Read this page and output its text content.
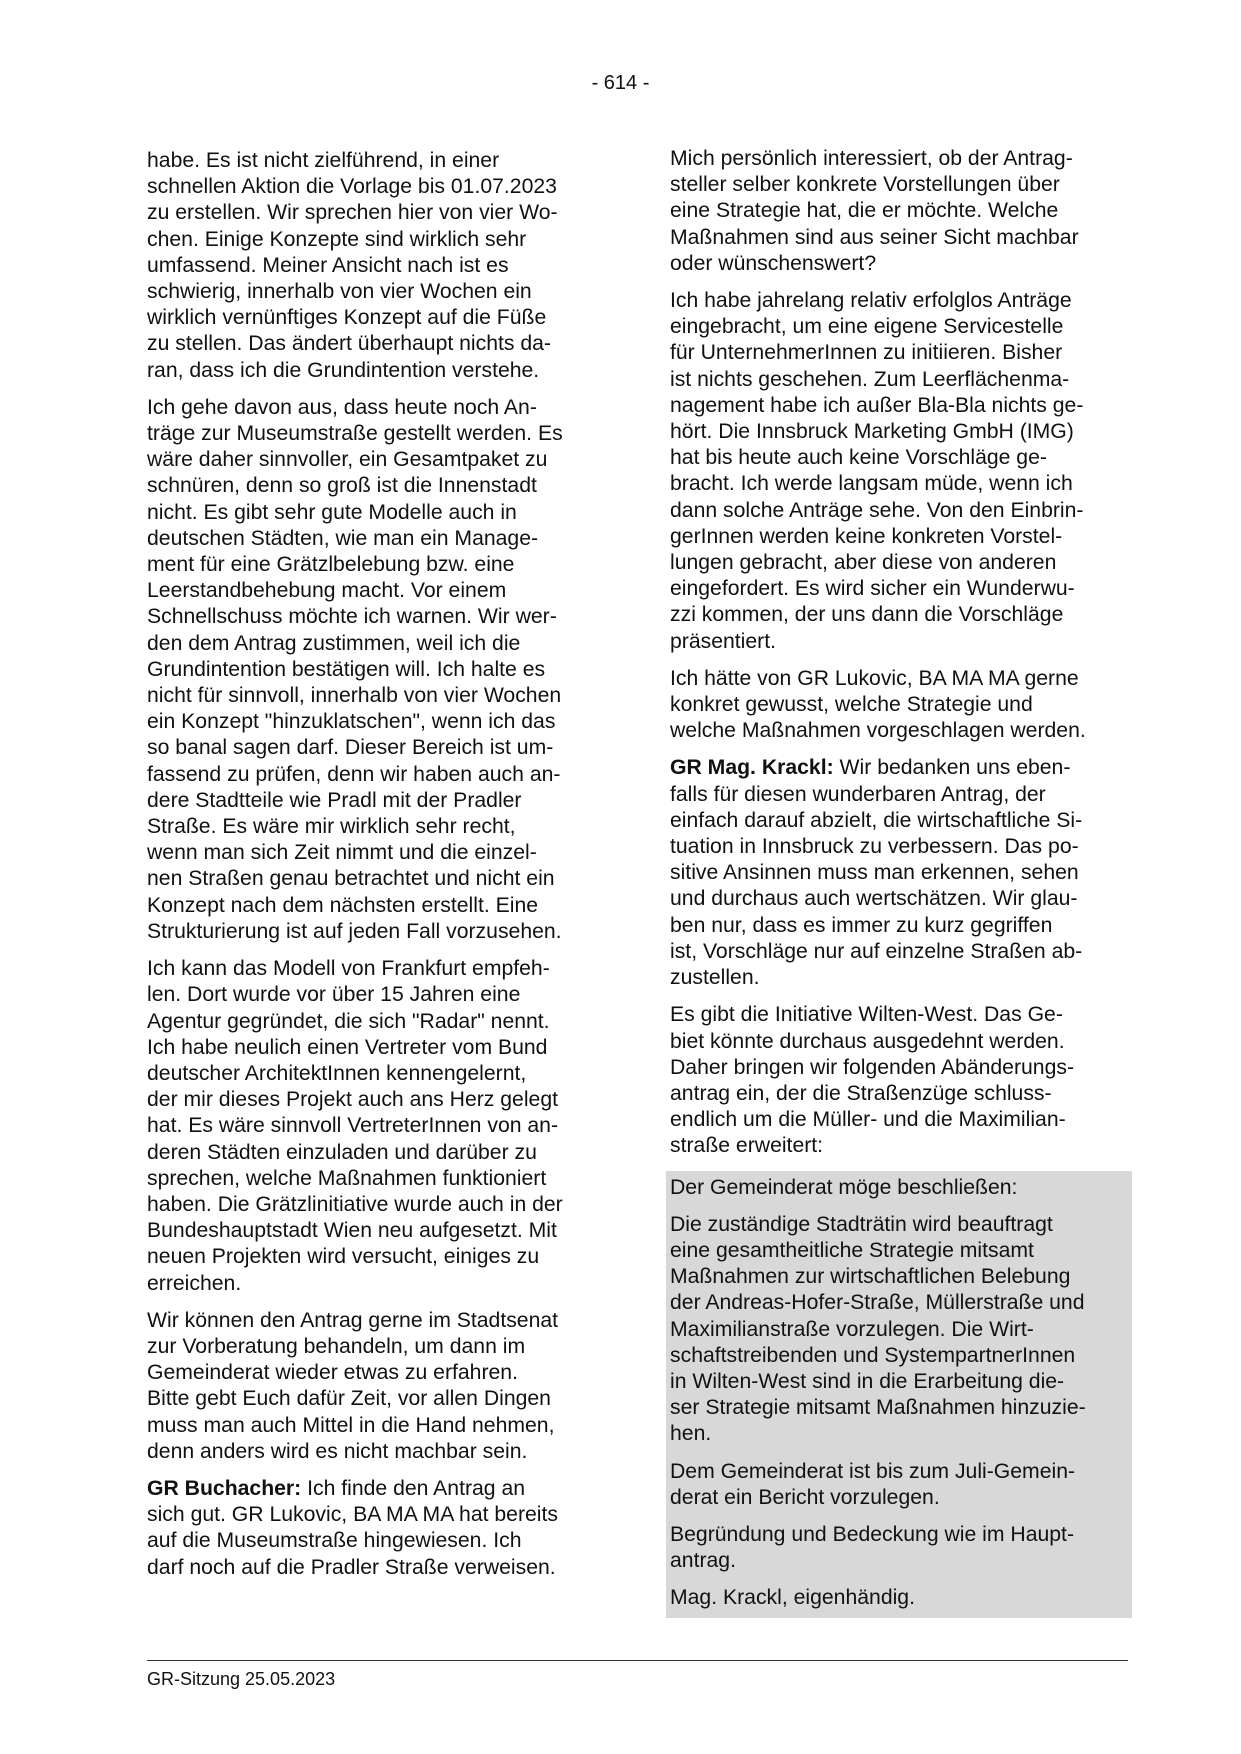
- 614 -
habe. Es ist nicht zielführend, in einer
schnellen Aktion die Vorlage bis 01.07.2023
zu erstellen. Wir sprechen hier von vier Wo-
chen. Einige Konzepte sind wirklich sehr
umfassend. Meiner Ansicht nach ist es
schwierig, innerhalb von vier Wochen ein
wirklich vernünftiges Konzept auf die Füße
zu stellen. Das ändert überhaupt nichts da-
ran, dass ich die Grundintention verstehe.
Ich gehe davon aus, dass heute noch An-
träge zur Museumstraße gestellt werden. Es
wäre daher sinnvoller, ein Gesamtpaket zu
schnüren, denn so groß ist die Innenstadt
nicht. Es gibt sehr gute Modelle auch in
deutschen Städten, wie man ein Manage-
ment für eine Grätzlbelebung bzw. eine
Leerstandbehebung macht. Vor einem
Schnellschuss möchte ich warnen. Wir wer-
den dem Antrag zustimmen, weil ich die
Grundintention bestätigen will. Ich halte es
nicht für sinnvoll, innerhalb von vier Wochen
ein Konzept "hinzuklatschen", wenn ich das
so banal sagen darf. Dieser Bereich ist um-
fassend zu prüfen, denn wir haben auch an-
dere Stadtteile wie Pradl mit der Pradler
Straße. Es wäre mir wirklich sehr recht,
wenn man sich Zeit nimmt und die einzel-
nen Straßen genau betrachtet und nicht ein
Konzept nach dem nächsten erstellt. Eine
Strukturierung ist auf jeden Fall vorzusehen.
Ich kann das Modell von Frankfurt empfeh-
len. Dort wurde vor über 15 Jahren eine
Agentur gegründet, die sich "Radar" nennt.
Ich habe neulich einen Vertreter vom Bund
deutscher ArchitektInnen kennengelernt,
der mir dieses Projekt auch ans Herz gelegt
hat. Es wäre sinnvoll VertreterInnen von an-
deren Städten einzuladen und darüber zu
sprechen, welche Maßnahmen funktioniert
haben. Die Grätzlinitiative wurde auch in der
Bundeshauptstadt Wien neu aufgesetzt. Mit
neuen Projekten wird versucht, einiges zu
erreichen.
Wir können den Antrag gerne im Stadtsenat
zur Vorberatung behandeln, um dann im
Gemeinderat wieder etwas zu erfahren.
Bitte gebt Euch dafür Zeit, vor allen Dingen
muss man auch Mittel in die Hand nehmen,
denn anders wird es nicht machbar sein.
GR Buchacher: Ich finde den Antrag an
sich gut. GR Lukovic, BA MA MA hat bereits
auf die Museumstraße hingewiesen. Ich
darf noch auf die Pradler Straße verweisen.
Mich persönlich interessiert, ob der Antrag-
steller selber konkrete Vorstellungen über
eine Strategie hat, die er möchte. Welche
Maßnahmen sind aus seiner Sicht machbar
oder wünschenswert?
Ich habe jahrelang relativ erfolglos Anträge
eingebracht, um eine eigene Servicestelle
für UnternehmerInnen zu initiieren. Bisher
ist nichts geschehen. Zum Leerflächenma-
nagement habe ich außer Bla-Bla nichts ge-
hört. Die Innsbruck Marketing GmbH (IMG)
hat bis heute auch keine Vorschläge ge-
bracht. Ich werde langsam müde, wenn ich
dann solche Anträge sehe. Von den Einbrin-
gerInnen werden keine konkreten Vorstel-
lungen gebracht, aber diese von anderen
eingefordert. Es wird sicher ein Wunderwu-
zzi kommen, der uns dann die Vorschläge
präsentiert.
Ich hätte von GR Lukovic, BA MA MA gerne
konkret gewusst, welche Strategie und
welche Maßnahmen vorgeschlagen werden.
GR Mag. Krackl: Wir bedanken uns eben-
falls für diesen wunderbaren Antrag, der
einfach darauf abzielt, die wirtschaftliche Si-
tuation in Innsbruck zu verbessern. Das po-
sitive Ansinnen muss man erkennen, sehen
und durchaus auch wertschätzen. Wir glau-
ben nur, dass es immer zu kurz gegriffen
ist, Vorschläge nur auf einzelne Straßen ab-
zustellen.
Es gibt die Initiative Wilten-West. Das Ge-
biet könnte durchaus ausgedehnt werden.
Daher bringen wir folgenden Abänderungs-
antrag ein, der die Straßenzüge schluss-
endlich um die Müller- und die Maximilian-
straße erweitert:
Der Gemeinderat möge beschließen:
Die zuständige Stadträtin wird beauftragt
eine gesamtheitliche Strategie mitsamt
Maßnahmen zur wirtschaftlichen Belebung
der Andreas-Hofer-Straße, Müllerstraße und
Maximilianstraße vorzulegen. Die Wirt-
schaftstreibenden und SystempartnerInnen
in Wilten-West sind in die Erarbeitung die-
ser Strategie mitsamt Maßnahmen hinzuzie-
hen.
Dem Gemeinderat ist bis zum Juli-Gemein-
derat ein Bericht vorzulegen.
Begründung und Bedeckung wie im Haupt-
antrag.
Mag. Krackl, eigenhändig.
GR-Sitzung 25.05.2023
